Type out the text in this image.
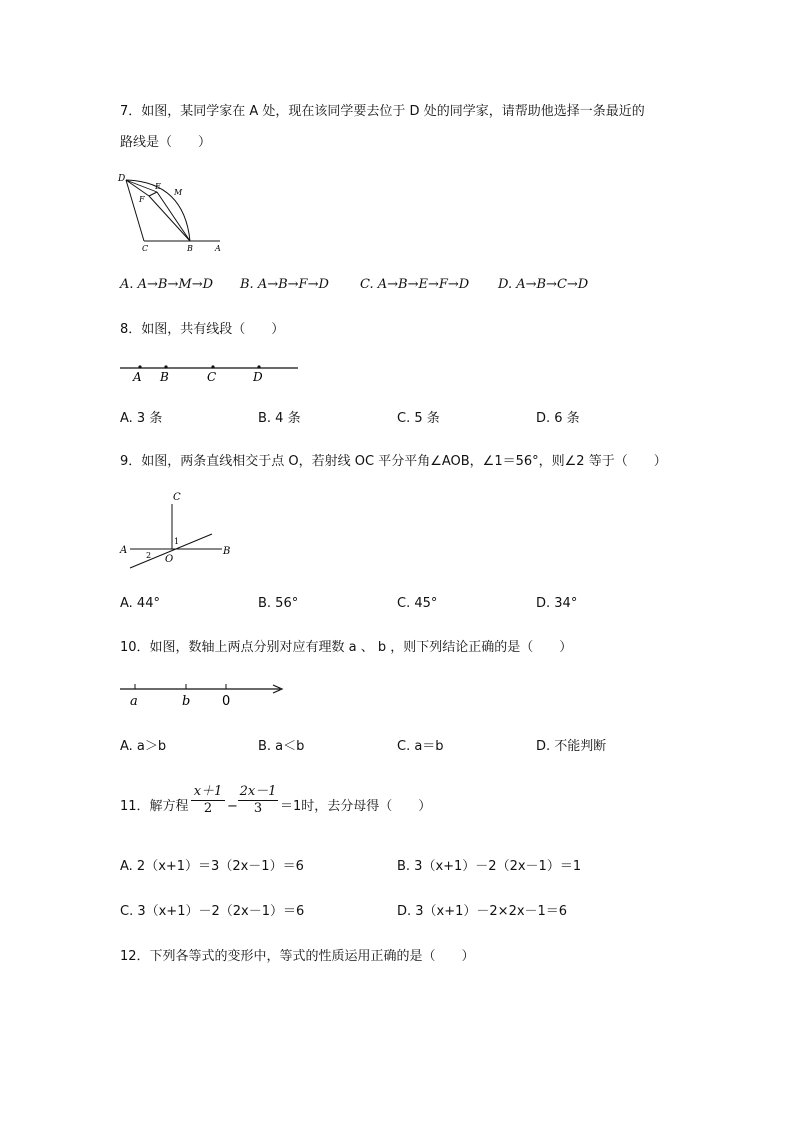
7．如图，某同学家在 A 处，现在该同学要去位于 D 处的同学家，请帮助他选择一条最近的
路线是（　　）
D
E
M
F
C	B	A
A. A→B→M→D B. A→B→F→D C. A→B→E→F→D D. A→B→C→D
8．如图，共有线段（　　）
A B	C	D
A. 3 条	B. 4 条	C. 5 条	D. 6 条
9．如图，两条直线相交于点 O，若射线 OC 平分平角∠AOB，∠1＝56°，则∠2 等于（　　）
C
A	B
O
1
2
A. 44°	B. 56°	C. 45°	D. 34°
10．如图，数轴上两点分别对应有理数 a 、 b ，则下列结论正确的是（　　）
a	b 0
A. a＞b	B. a＜b	C. a＝b	D. 不能判断
11．解方程
x＋1
2	−
2x－1
3	＝1时，去分母得（　　）
A. 2（x+1）＝3（2x－1）＝6	B. 3（x+1）－2（2x－1）＝1
C. 3（x+1）－2（2x－1）＝6	D. 3（x+1）－2×2x－1＝6
12．下列各等式的变形中，等式的性质运用正确的是（　　）
